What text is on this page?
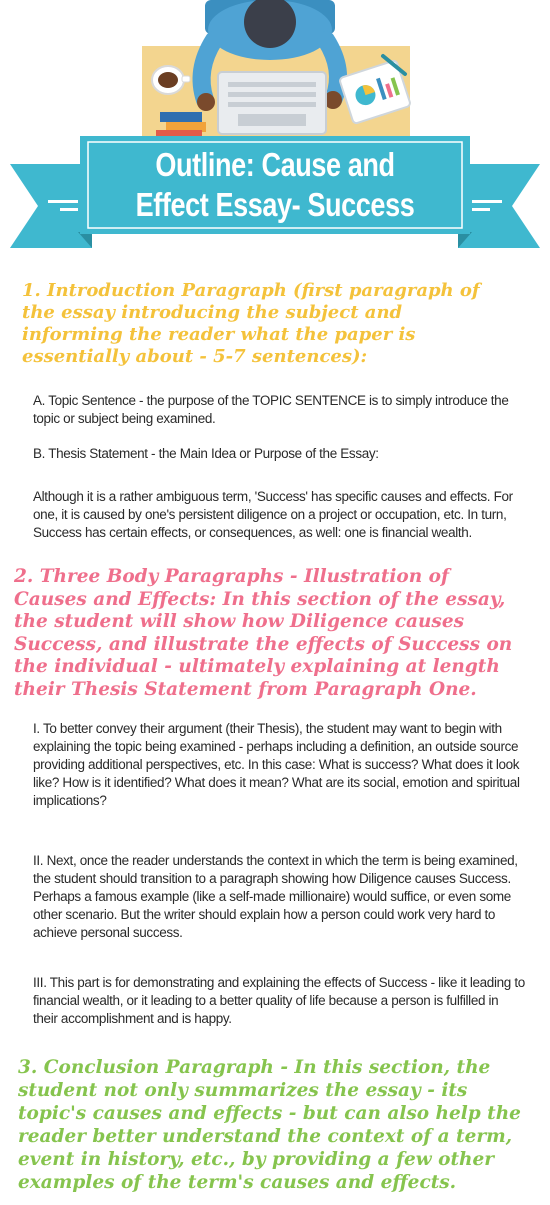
Outline: Cause and
Effect Essay- Success
1. Introduction Paragraph (first paragraph of the essay introducing the subject and informing the reader what the paper is essentially about - 5-7 sentences):
A. Topic Sentence - the purpose of the TOPIC SENTENCE is to simply introduce the topic or subject being examined.
B. Thesis Statement - the Main Idea or Purpose of the Essay:
Although it is a rather ambiguous term, 'Success' has specific causes and effects. For one, it is caused by one's persistent diligence on a project or occupation, etc. In turn, Success has certain effects, or consequences, as well: one is financial wealth.
2. Three Body Paragraphs - Illustration of Causes and Effects: In this section of the essay, the student will show how Diligence causes Success, and illustrate the effects of Success on the individual - ultimately explaining at length their Thesis Statement from Paragraph One.
I. To better convey their argument (their Thesis), the student may want to begin with explaining the topic being examined - perhaps including a definition, an outside source providing additional perspectives, etc. In this case: What is success? What does it look like? How is it identified? What does it mean? What are its social, emotion and spiritual implications?
II. Next, once the reader understands the context in which the term is being examined, the student should transition to a paragraph showing how Diligence causes Success. Perhaps a famous example (like a self-made millionaire) would suffice, or even some other scenario. But the writer should explain how a person could work very hard to achieve personal success.
III. This part is for demonstrating and explaining the effects of Success - like it leading to financial wealth, or it leading to a better quality of life because a person is fulfilled in their accomplishment and is happy.
3. Conclusion Paragraph - In this section, the student not only summarizes the essay - its topic's causes and effects - but can also help the reader better understand the context of a term, event in history, etc., by providing a few other examples of the term's causes and effects.
